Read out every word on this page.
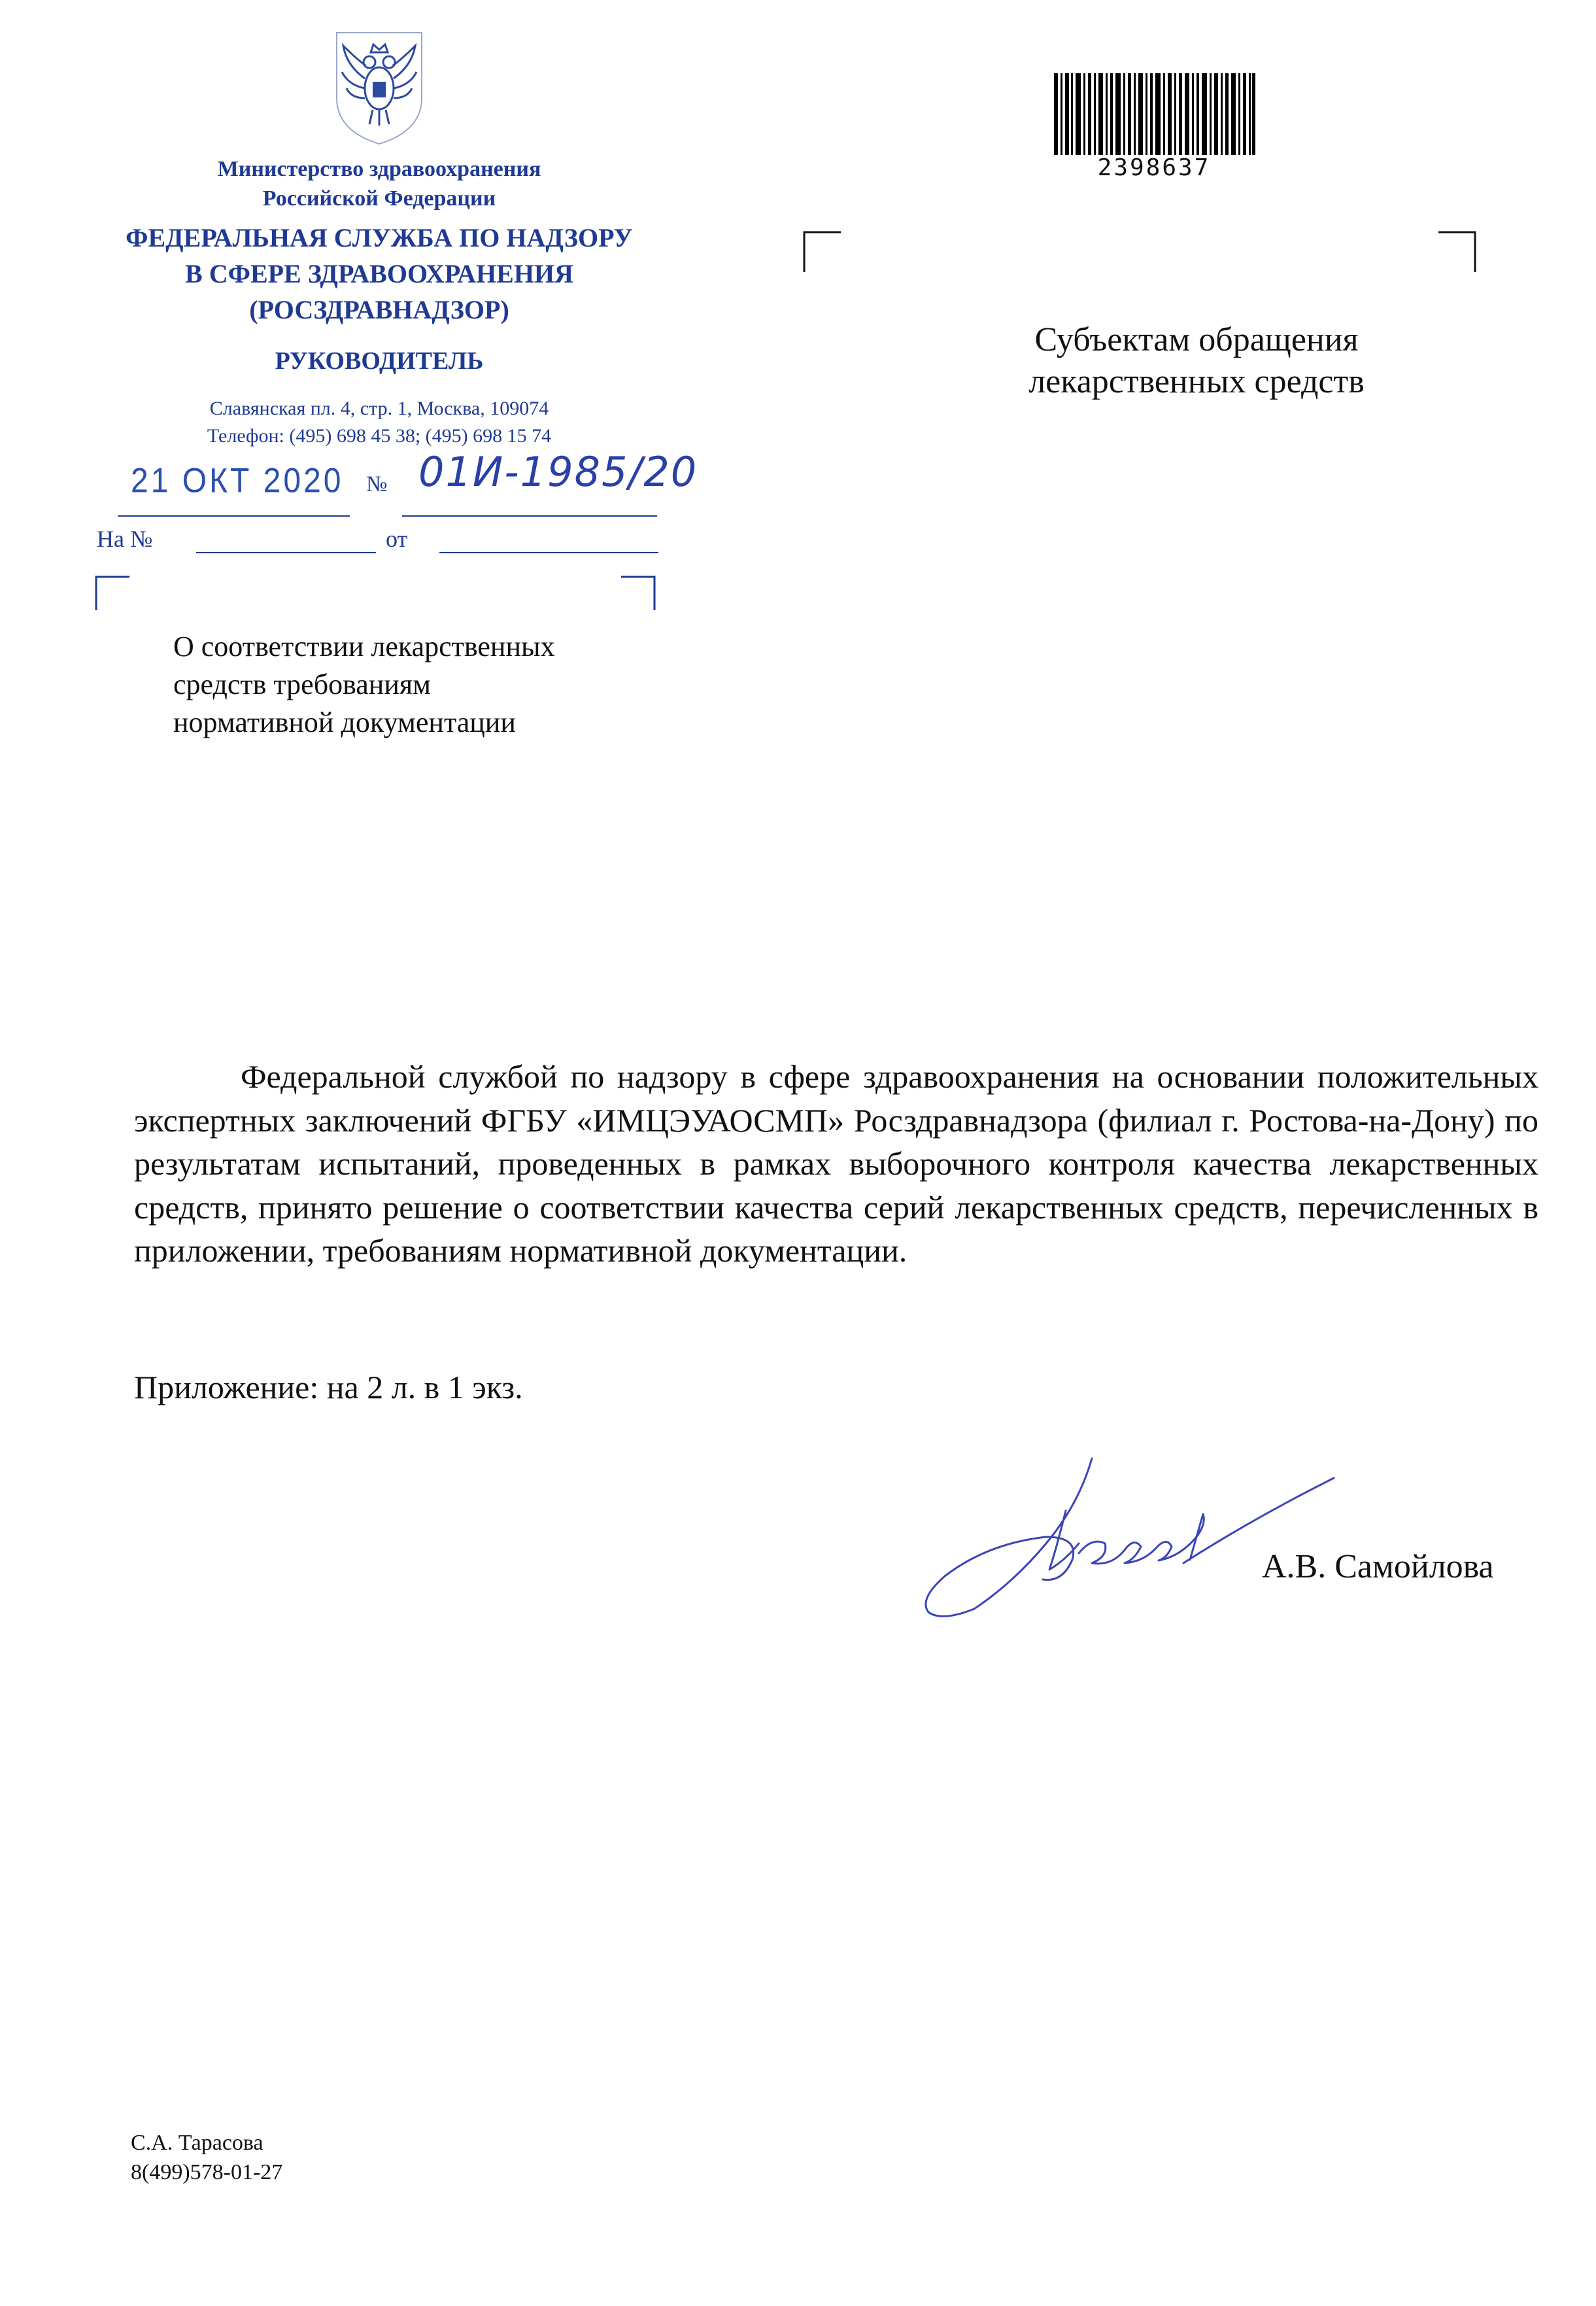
Министерство здравоохранения
Российской Федерации
ФЕДЕРАЛЬНАЯ СЛУЖБА ПО НАДЗОРУ
В СФЕРЕ ЗДРАВООХРАНЕНИЯ
(РОСЗДРАВНАДЗОР)
РУКОВОДИТЕЛЬ
Славянская пл. 4, стр. 1, Москва, 109074
Телефон: (495) 698 45 38; (495) 698 15 74
21 ОКТ 2020 № 01И-1985/20
На №	от
О соответствии лекарственных
средств требованиям
нормативной документации
2398637
Субъектам обращения
лекарственных средств
Федеральной службой по надзору в сфере здравоохранения на основании положительных экспертных заключений ФГБУ «ИМЦЭУАОСМП» Росздравнадзора (филиал г. Ростова-на-Дону) по результатам испытаний, проведенных в рамках выборочного контроля качества лекарственных средств, принято решение о соответствии качества серий лекарственных средств, перечисленных в приложении, требованиям нормативной документации.
Приложение: на 2 л. в 1 экз.
А.В. Самойлова
С.А. Тарасова
8(499)578-01-27
